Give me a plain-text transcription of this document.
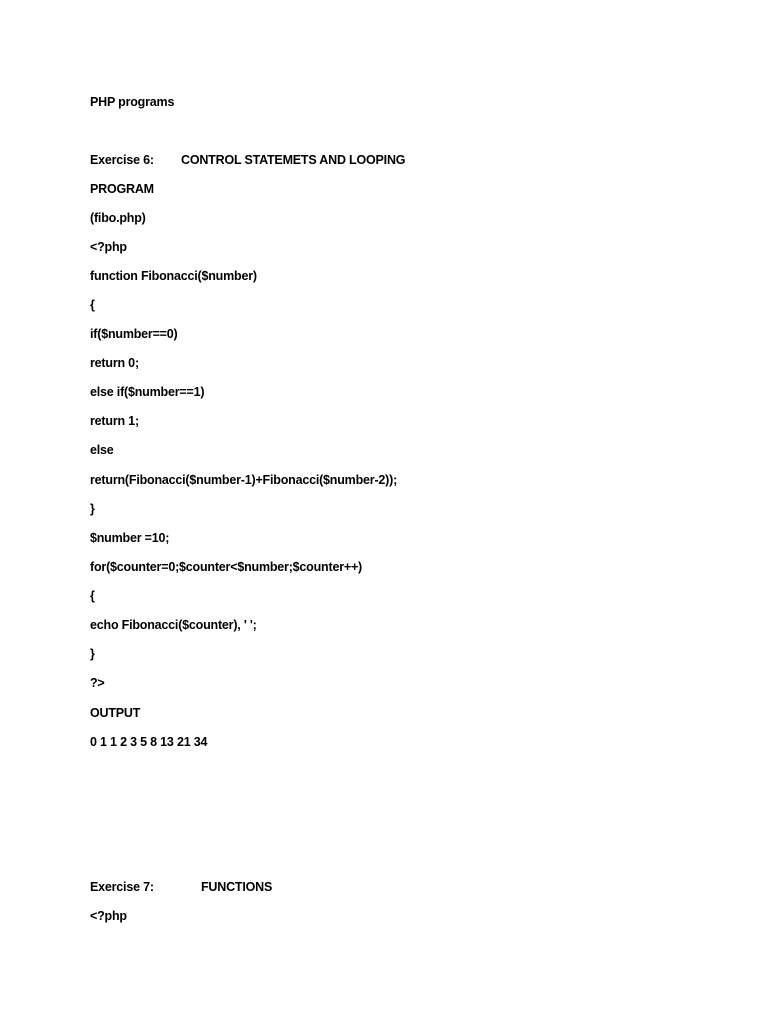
PHP programs

Exercise 6: CONTROL STATEMETS AND LOOPING

PROGRAM

(fibo.php)

<?php

function Fibonacci($number)

{

if($number==0)

return 0;

else if($number==1)

return 1;

else

return(Fibonacci($number-1)+Fibonacci($number-2));

}

$number =10;

for($counter=0;$counter<$number;$counter++)

{

echo Fibonacci($counter), ' ';

}

?>

OUTPUT

0 1 1 2 3 5 8 13 21 34

Exercise 7:	FUNCTIONS

<?php
